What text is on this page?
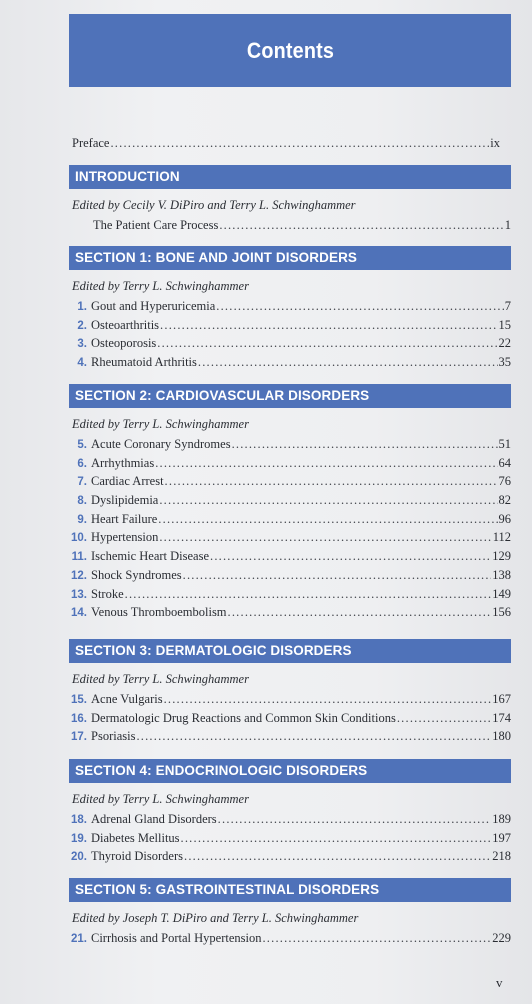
Contents
Preface .....	ix
INTRODUCTION
Edited by Cecily V. DiPiro and Terry L. Schwinghammer
The Patient Care Process .....	1
SECTION 1: BONE AND JOINT DISORDERS
Edited by Terry L. Schwinghammer
1. Gout and Hyperuricemia .....	7
2. Osteoarthritis .....	15
3. Osteoporosis .....	22
4. Rheumatoid Arthritis .....	35
SECTION 2: CARDIOVASCULAR DISORDERS
Edited by Terry L. Schwinghammer
5. Acute Coronary Syndromes .....	51
6. Arrhythmias .....	64
7. Cardiac Arrest .....	76
8. Dyslipidemia .....	82
9. Heart Failure .....	96
10. Hypertension .....	112
11. Ischemic Heart Disease .....	129
12. Shock Syndromes .....	138
13. Stroke .....	149
14. Venous Thromboembolism .....	156
SECTION 3: DERMATOLOGIC DISORDERS
Edited by Terry L. Schwinghammer
15. Acne Vulgaris .....	167
16. Dermatologic Drug Reactions and Common Skin Conditions .....	174
17. Psoriasis .....	180
SECTION 4: ENDOCRINOLOGIC DISORDERS
Edited by Terry L. Schwinghammer
18. Adrenal Gland Disorders .....	189
19. Diabetes Mellitus .....	197
20. Thyroid Disorders .....	218
SECTION 5: GASTROINTESTINAL DISORDERS
Edited by Joseph T. DiPiro and Terry L. Schwinghammer
21. Cirrhosis and Portal Hypertension .....	229
v
